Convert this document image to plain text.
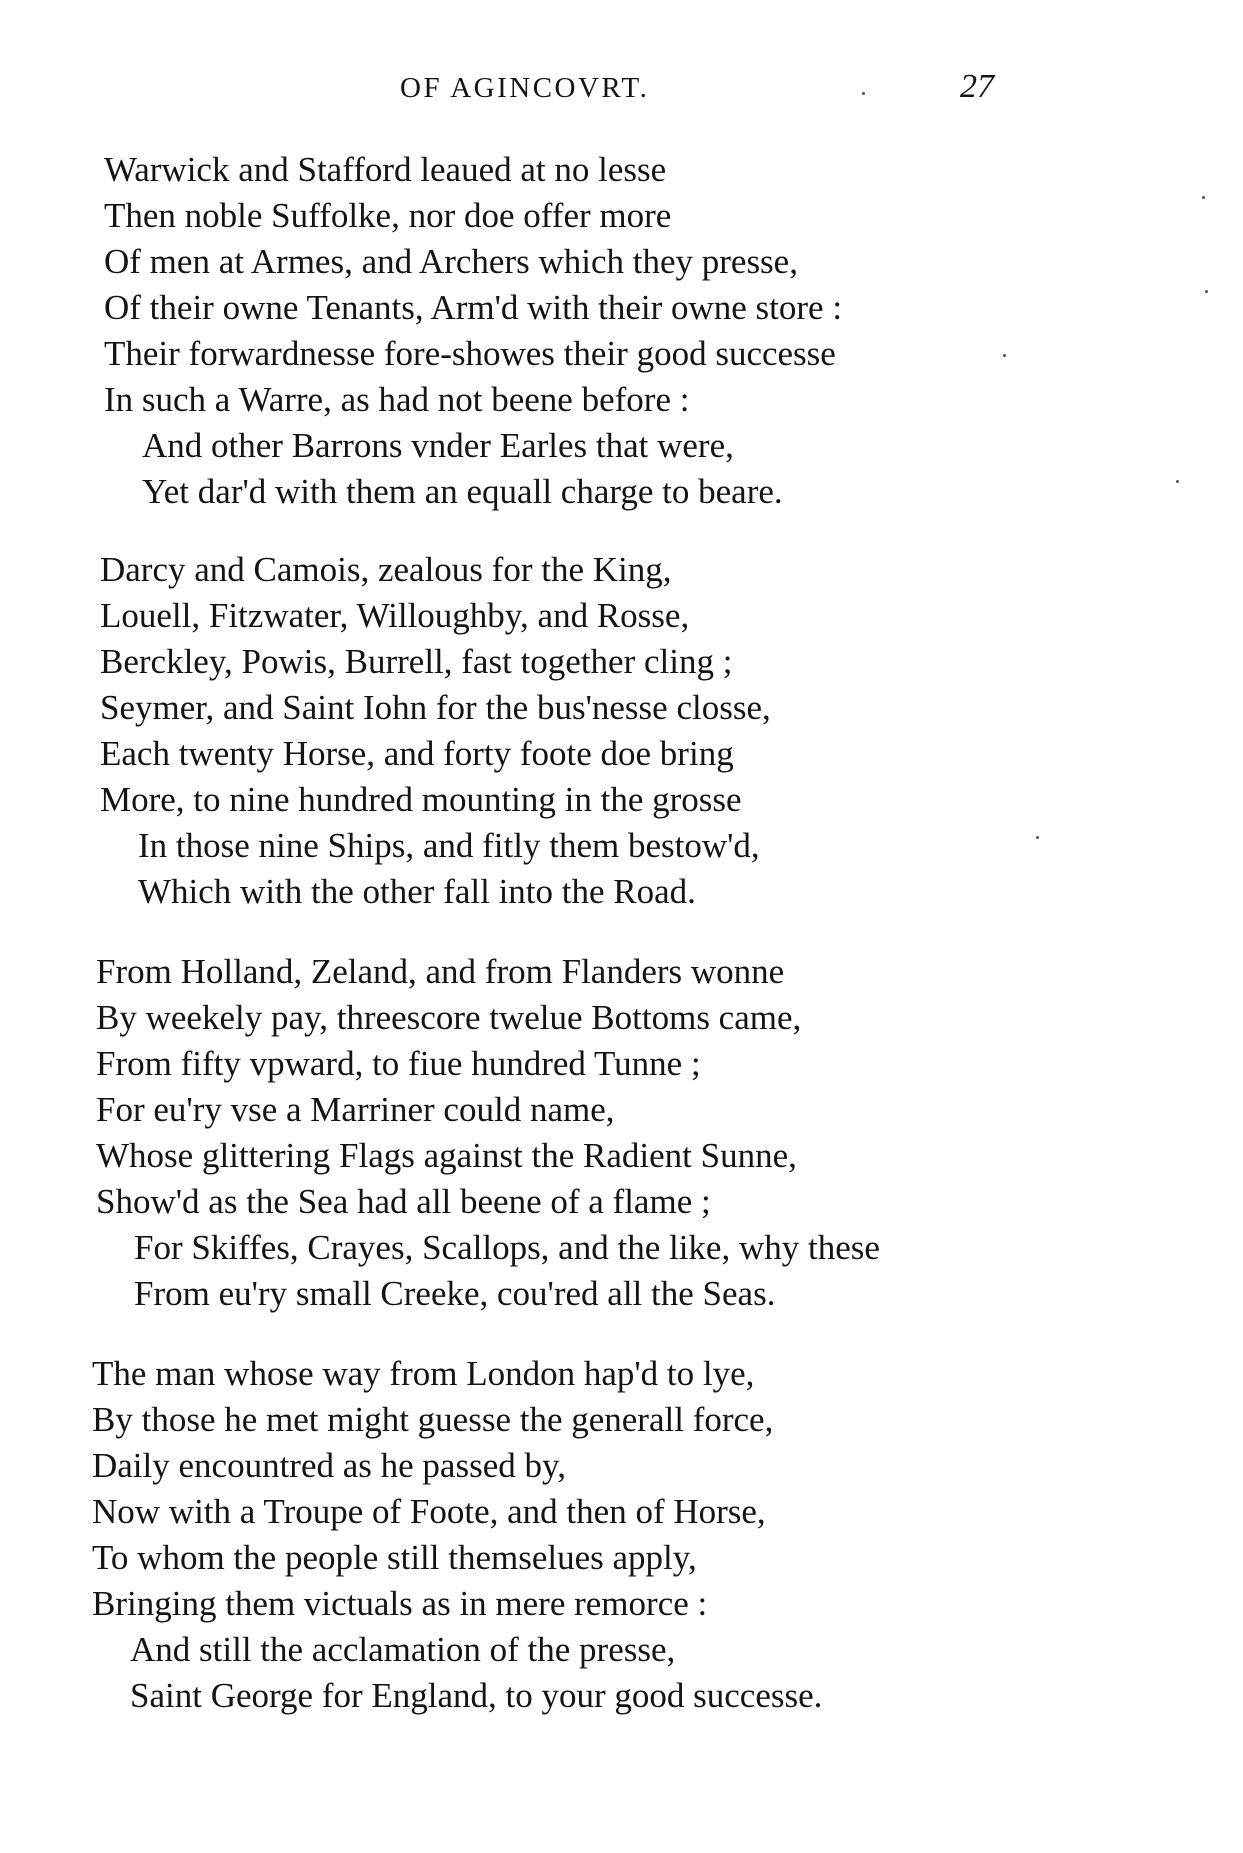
OF AGINCOVRT.	27
Warwick and Stafford leaued at no lesse
Then noble Suffolke, nor doe offer more
Of men at Armes, and Archers which they presse,
Of their owne Tenants, Arm'd with their owne store :
Their forwardnesse fore-showes their good successe
In such a Warre, as had not beene before :
And other Barrons vnder Earles that were,
Yet dar'd with them an equall charge to beare.
Darcy and Camois, zealous for the King,
Louell, Fitzwater, Willoughby, and Rosse,
Berckley, Powis, Burrell, fast together cling ;
Seymer, and Saint Iohn for the bus'nesse closse,
Each twenty Horse, and forty foote doe bring
More, to nine hundred mounting in the grosse
In those nine Ships, and fitly them bestow'd,
Which with the other fall into the Road.
From Holland, Zeland, and from Flanders wonne
By weekely pay, threescore twelue Bottoms came,
From fifty vpward, to fiue hundred Tunne ;
For eu'ry vse a Marriner could name,
Whose glittering Flags against the Radient Sunne,
Show'd as the Sea had all beene of a flame ;
For Skiffes, Crayes, Scallops, and the like, why these
From eu'ry small Creeke, cou'red all the Seas.
The man whose way from London hap'd to lye,
By those he met might guesse the generall force,
Daily encountred as he passed by,
Now with a Troupe of Foote, and then of Horse,
To whom the people still themselues apply,
Bringing them victuals as in mere remorce :
And still the acclamation of the presse,
Saint George for England, to your good successe.
